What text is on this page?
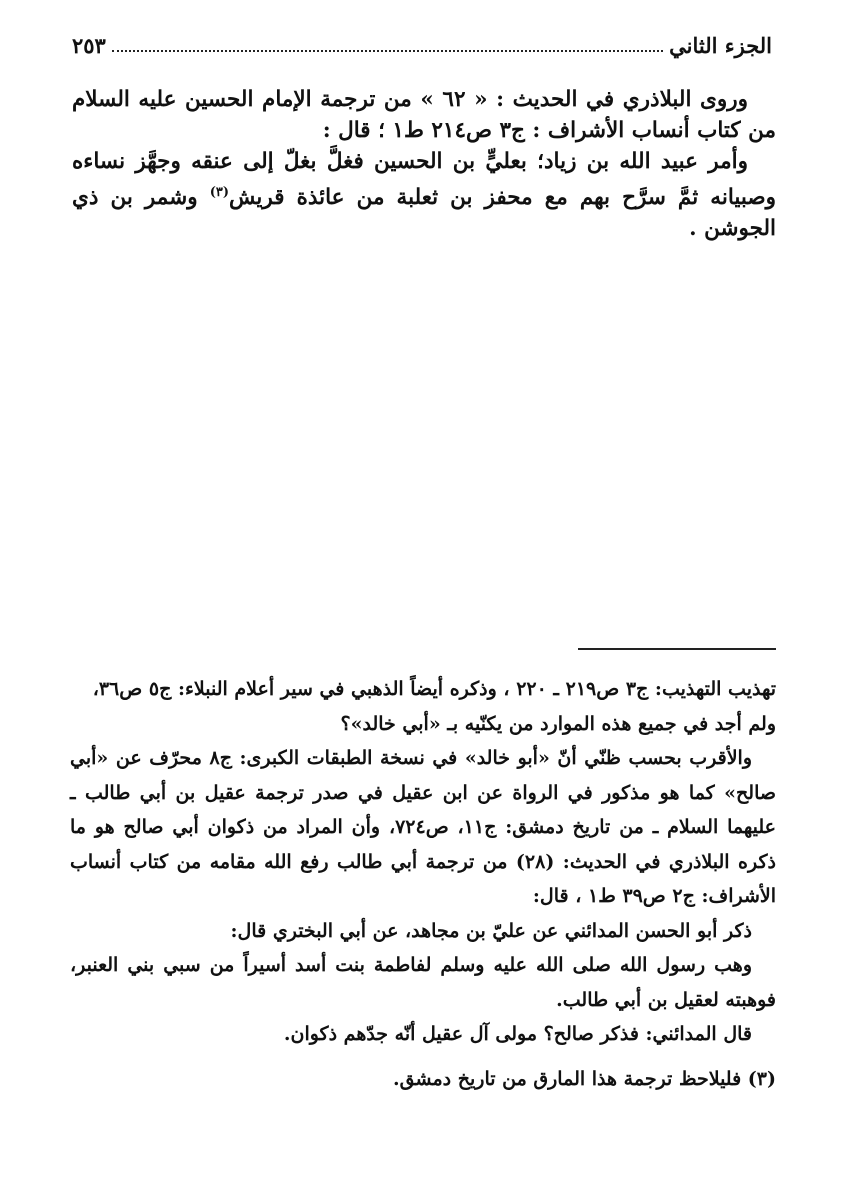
الجزء الثاني
٢٥٣

وروى البلاذري في الحديث : « ٦٢ » من ترجمة الإمام الحسين عليه السلام من كتاب أنساب الأشراف : ج٣ ص٢١٤ ط١ ؛ قال :

وأمر عبيد الله بن زياد؛ بعليٍّ بن الحسين فغلَّ بغلّ إلى عنقه وجهَّز نساءه وصبيانه ثمَّ سرَّح بهم مع محفز بن ثعلبة من عائذة قريش$^{(٣)}$ وشمر بن ذي الجوشن .

تهذيب التهذيب: ج٣ ص٢١٩ ـ ٢٢٠ ، وذكره أيضاً الذهبي في سير أعلام النبلاء: ج٥ ص٣٦،

ولم أجد في جميع هذه الموارد من يكنّيه بـ «أبي خالد»؟

والأقرب بحسب ظنّي أنّ «أبو خالد» في نسخة الطبقات الكبرى: ج٨ محرّف عن «أبي صالح» كما هو مذكور في الرواة عن ابن عقيل في صدر ترجمة عقيل بن أبي طالب ـ عليهما السلام ـ من تاريخ دمشق: ج١١، ص٧٢٤، وأن المراد من ذكوان أبي صالح هو ما ذكره البلاذري في الحديث: (٢٨) من ترجمة أبي طالب رفع الله مقامه من كتاب أنساب الأشراف: ج٢ ص٣٩ ط١ ، قال:

ذكر أبو الحسن المدائني عن عليّ بن مجاهد، عن أبي البختري قال:

وهب رسول الله صلى الله عليه وسلم لفاطمة بنت أسد أسيراً من سبي بني العنبر، فوهبته لعقيل بن أبي طالب.

قال المدائني: فذكر صالح؟ مولى آل عقيل أنّه جدّهم ذكوان.

(٣) فليلاحظ ترجمة هذا المارق من تاريخ دمشق.
